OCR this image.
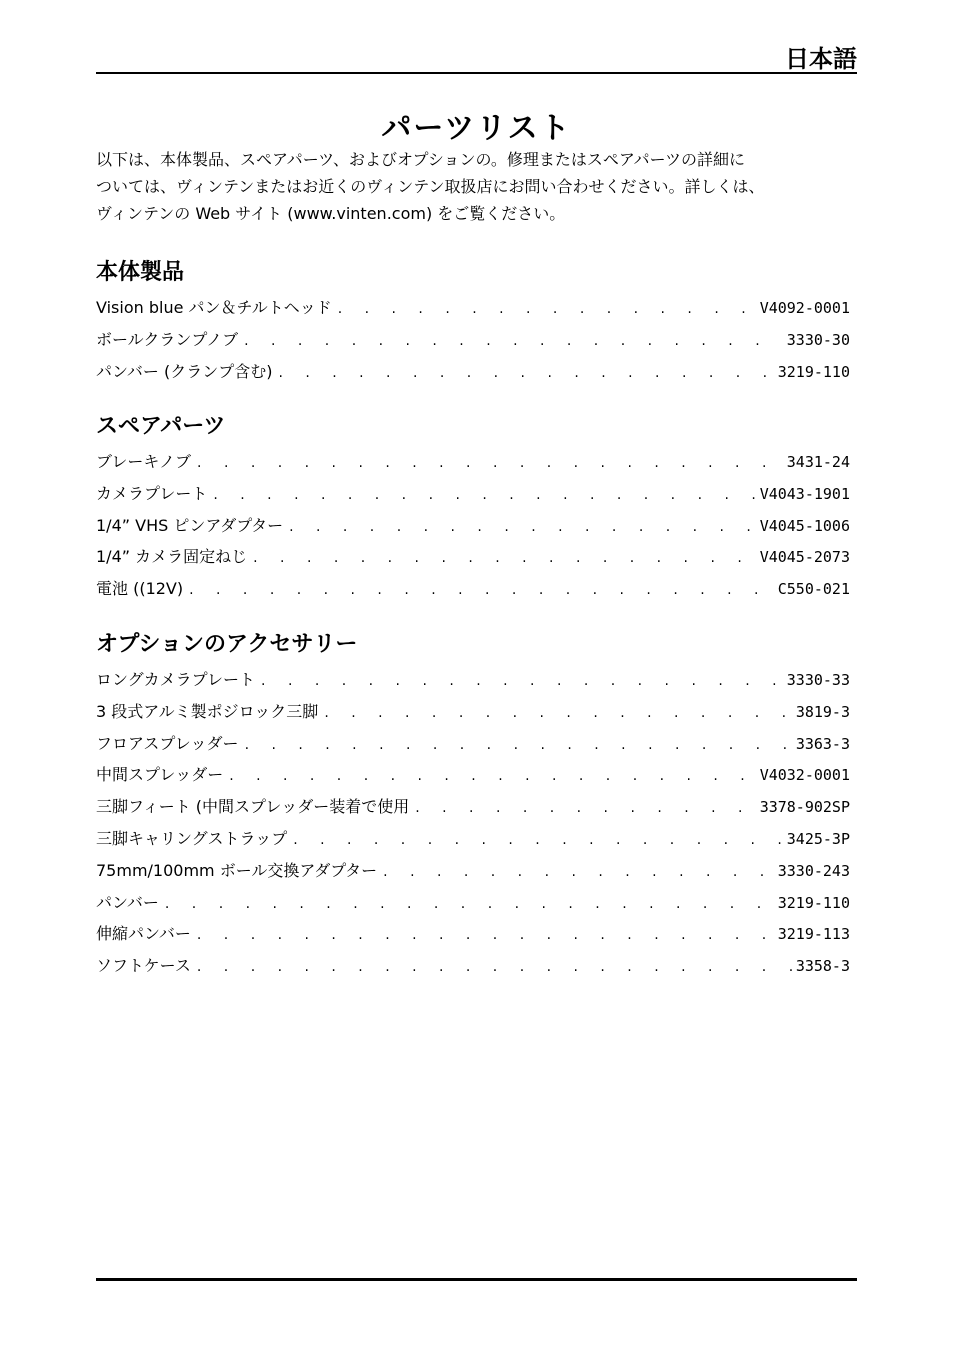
日本語
パーツリスト
以下は、本体製品、スペアパーツ、およびオプションの。修理またはスペアパーツの詳細に
ついては、ヴィンテンまたはお近くのヴィンテン取扱店にお問い合わせください。詳しくは、
ヴィンテンの Web サイト (www.vinten.com) をご覧ください。
本体製品
Vision blue パン＆チルトヘッド . . .	V4092-0001
ボールクランプノブ . . .	3330-30
パンバー (クランプ含む) . . .	3219-110
スペアパーツ
ブレーキノブ . . .	3431-24
カメラプレート . . .	V4043-1901
1/4” VHS ピンアダプター . . .	V4045-1006
1/4” カメラ固定ねじ . . .	V4045-2073
電池 ((12V) . . .	C550-021
オプションのアクセサリー
ロングカメラプレート . . .	3330-33
3 段式アルミ製ポジロック三脚 . . .	3819-3
フロアスプレッダー . . .	3363-3
中間スプレッダー . . .	V4032-0001
三脚フィート (中間スプレッダー装着で使用 . . .	3378-902SP
三脚キャリングストラップ . . .	3425-3P
75mm/100mm ボール交換アダプター . . .	3330-243
パンバー . . .	3219-110
伸縮パンバー . . .	3219-113
ソフトケース . . .	3358-3
